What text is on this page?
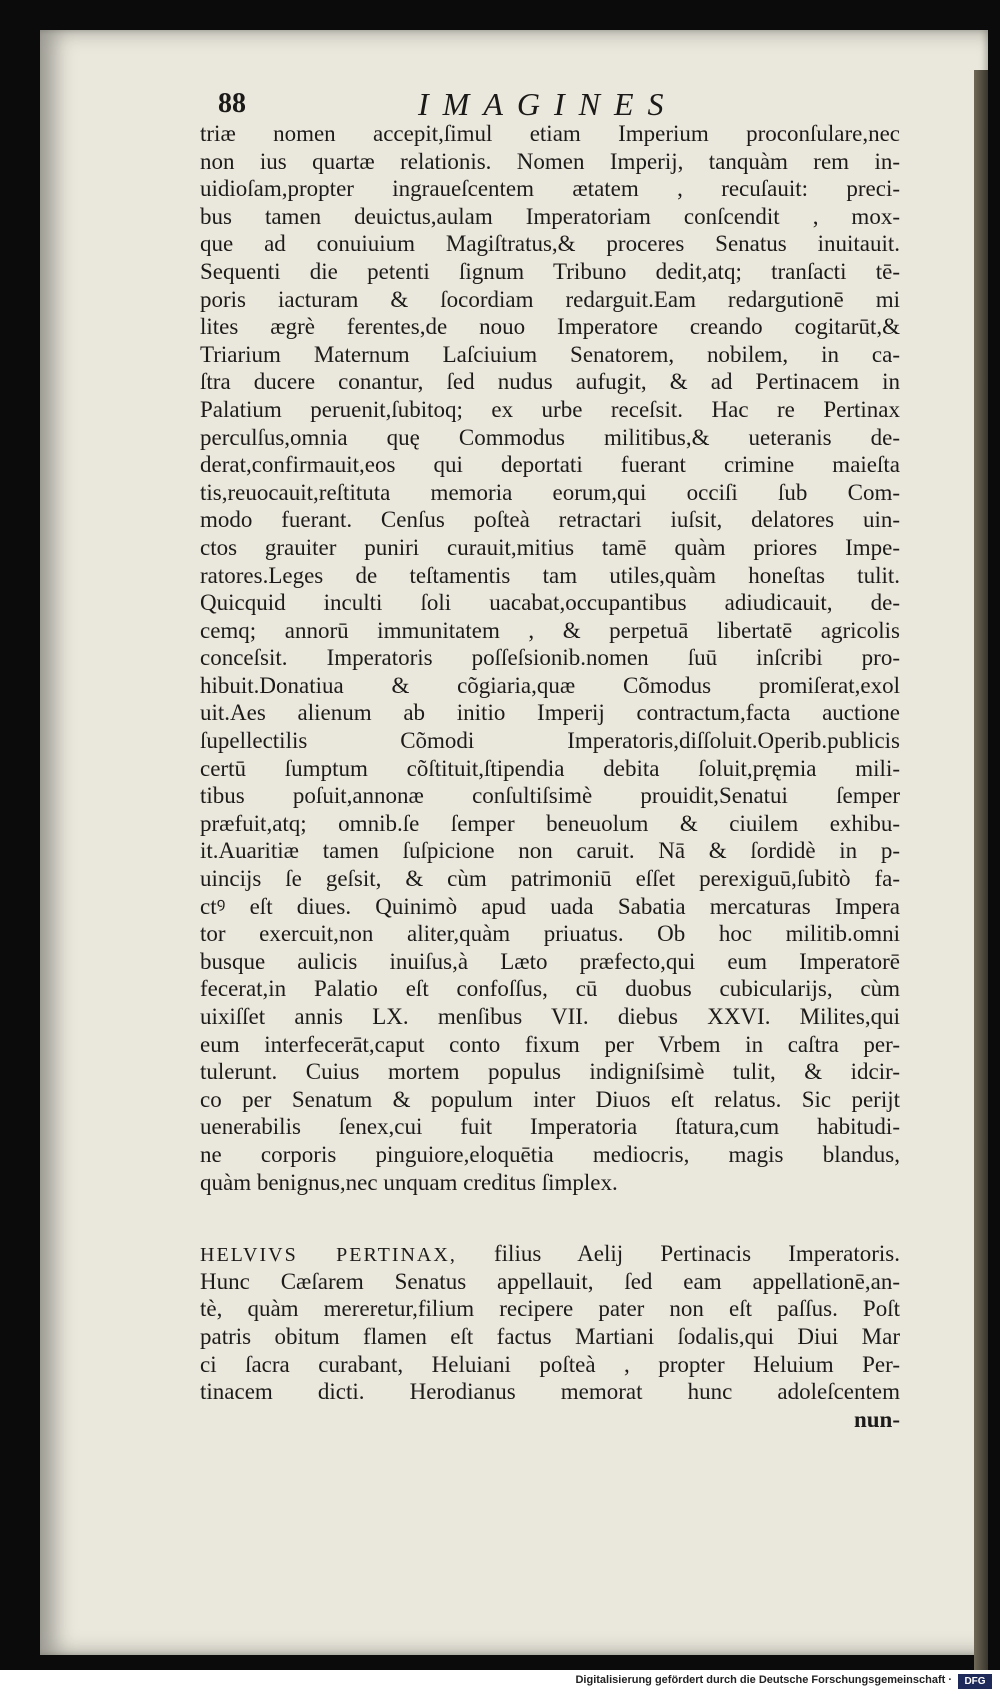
88	IMAGINES
triæ nomen accepit,ſimul etiam Imperium proconſulare,nec
non ius quartæ relationis. Nomen Imperij, tanquàm rem in-
uidioſam,propter ingraueſcentem ætatem , recuſauit: preci-
bus tamen deuictus,aulam Imperatoriam conſcendit , mox-
que ad conuiuium Magiſtratus,& proceres Senatus inuitauit.
Sequenti die petenti ſignum Tribuno dedit,atq; tranſacti tē-
poris iacturam & ſocordiam redarguit.Eam redargutionē mi
lites ægrè ferentes,de nouo Imperatore creando cogitarūt,&
Triarium Maternum Laſciuium Senatorem, nobilem, in ca-
ſtra ducere conantur, ſed nudus aufugit, & ad Pertinacem in
Palatium peruenit,ſubitoq; ex urbe receſsit. Hac re Pertinax
perculſus,omnia quę Commodus militibus,& ueteranis de-
derat,confirmauit,eos qui deportati fuerant crimine maieſta
tis,reuocauit,reſtituta memoria eorum,qui occiſi ſub Com-
modo fuerant. Cenſus poſteà retractari iuſsit, delatores uin-
ctos grauiter puniri curauit,mitius tamē quàm priores Impe-
ratores.Leges de teſtamentis tam utiles,quàm honeſtas tulit.
Quicquid inculti ſoli uacabat,occupantibus adiudicauit, de-
cemq; annorū immunitatem , & perpetuā libertatē agricolis
conceſsit. Imperatoris poſſeſsionib.nomen ſuū inſcribi pro-
hibuit.Donatiua & cõgiaria,quæ Cõmodus promiſerat,exol
uit.Aes alienum ab initio Imperij contractum,facta auctione
ſupellectilis Cõmodi Imperatoris,diſſoluit.Operib.publicis
certū ſumptum cõſtituit,ſtipendia debita ſoluit,pręmia mili-
tibus poſuit,annonæ conſultiſsimè prouidit,Senatui ſemper
præfuit,atq; omnib.ſe ſemper beneuolum & ciuilem exhibu-
it.Auaritiæ tamen ſuſpicione non caruit. Nā & ſordidè in p-
uincijs ſe geſsit, & cùm patrimoniū eſſet perexiguū,ſubitò fa-
ctꝰ eſt diues. Quinimò apud uada Sabatia mercaturas Impera
tor exercuit,non aliter,quàm priuatus. Ob hoc militib.omni
busque aulicis inuiſus,à Læto præfecto,qui eum Imperatorē
fecerat,in Palatio eſt confoſſus, cū duobus cubicularijs, cùm
uixiſſet annis LX. menſibus VII. diebus XXVI. Milites,qui
eum interfecerāt,caput conto fixum per Vrbem in caſtra per-
tulerunt. Cuius mortem populus indigniſsimè tulit, & idcir-
co per Senatum & populum inter Diuos eſt relatus. Sic perijt
uenerabilis ſenex,cui fuit Imperatoria ſtatura,cum habitudi-
ne corporis pinguiore,eloquētia mediocris, magis blandus,
quàm benignus,nec unquam creditus ſimplex.
HELVIVS PERTINAX, filius Aelij Pertinacis Imperatoris.
Hunc Cæſarem Senatus appellauit, ſed eam appellationē,an-
tè, quàm mereretur,filium recipere pater non eſt paſſus. Poſt
patris obitum flamen eſt factus Martiani ſodalis,qui Diui Mar
ci ſacra curabant, Heluiani poſteà , propter Heluium Per-
tinacem dicti. Herodianus memorat hunc adoleſcentem
nun-
Digitalisierung gefördert durch die Deutsche Forschungsgemeinschaft ·	DFG
